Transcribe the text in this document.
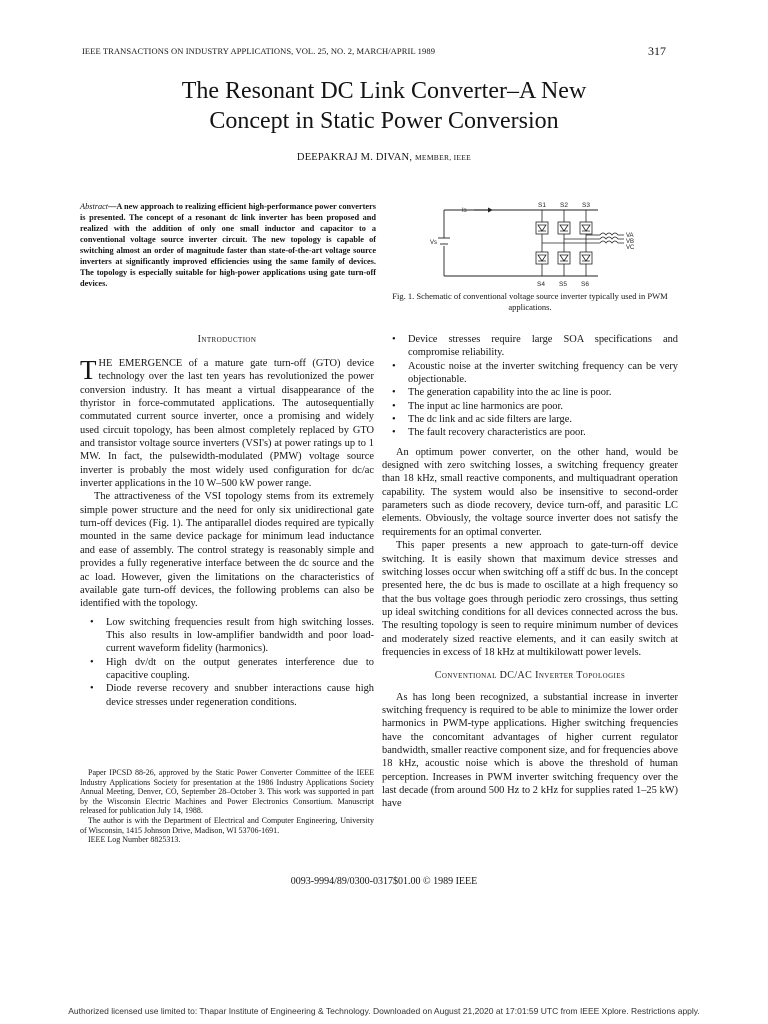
IEEE TRANSACTIONS ON INDUSTRY APPLICATIONS, VOL. 25, NO. 2, MARCH/APRIL 1989	317
The Resonant DC Link Converter–A New
Concept in Static Power Conversion
DEEPAKRAJ M. DIVAN, MEMBER, IEEE
Abstract—A new approach to realizing efficient high-performance power converters is presented. The concept of a resonant dc link inverter has been proposed and realized with the addition of only one small inductor and capacitor to a conventional voltage source inverter circuit. The new topology is capable of switching almost an order of magnitude faster than state-of-the-art voltage source inverters at significantly improved efficiencies using the same family of devices. The topology is especially suitable for high-power applications using gate turn-off devices.
Is
Vs
S1 S2 S3
S4 S5 S6
VA
VB
VC
Fig. 1. Schematic of conventional voltage source inverter typically used in PWM applications.
Introduction

THE EMERGENCE of a mature gate turn-off (GTO) device technology over the last ten years has revolutionized the power conversion industry. It has meant a virtual disappearance of the thyristor in force-commutated applications. The autosequentially commutated current source inverter, once a promising and widely used circuit topology, has been almost completely replaced by GTO and transistor voltage source inverters (VSI's) at power ratings up to 1 MW. In fact, the pulsewidth-modulated (PMW) voltage source inverter is probably the most widely used configuration for dc/ac inverter applications in the 10 W–500 kW power range.

The attractiveness of the VSI topology stems from its extremely simple power structure and the need for only six unidirectional gate turn-off devices (Fig. 1). The antiparallel diodes required are typically mounted in the same device package for minimum lead inductance and ease of assembly. The control strategy is reasonably simple and provides a fully regenerative interface between the dc source and the ac load. However, given the limitations on the characteristics of available gate turn-off devices, the following problems can also be identified with the topology.

• Low switching frequencies result from high switching losses. This also results in low-amplifier bandwidth and poor load-current waveform fidelity (harmonics).
• High dv/dt on the output generates interference due to capacitive coupling.
• Diode reverse recovery and snubber interactions cause high device stresses under regeneration conditions.

Paper IPCSD 88-26, approved by the Static Power Converter Committee of the IEEE Industry Applications Society for presentation at the 1986 Industry Applications Society Annual Meeting, Denver, CO, September 28–October 3. This work was supported in part by the Wisconsin Electric Machines and Power Electronics Consortium. Manuscript released for publication July 14, 1988.

The author is with the Department of Electrical and Computer Engineering, University of Wisconsin, 1415 Johnson Drive, Madison, WI 53706-1691.

IEEE Log Number 8825313.

• Device stresses require large SOA specifications and compromise reliability.
• Acoustic noise at the inverter switching frequency can be very objectionable.
• The generation capability into the ac line is poor.
• The input ac line harmonics are poor.
• The dc link and ac side filters are large.
• The fault recovery characteristics are poor.

An optimum power converter, on the other hand, would be designed with zero switching losses, a switching frequency greater than 18 kHz, small reactive components, and multiquadrant operation capability. The system would also be insensitive to second-order parameters such as diode recovery, device turn-off, and parasitic LC elements. Obviously, the voltage source inverter does not satisfy the requirements for an optimal converter.

This paper presents a new approach to gate-turn-off device switching. It is easily shown that maximum device stresses and switching losses occur when switching off a stiff dc bus. In the concept presented here, the dc bus is made to oscillate at a high frequency so that the bus voltage goes through periodic zero crossings, thus setting up ideal switching conditions for all devices connected across the bus. The resulting topology is seen to require minimum number of devices and moderately sized reactive elements, and it can easily switch at frequencies in excess of 18 kHz at multikilowatt power levels.

Conventional DC/AC Inverter Topologies

As has long been recognized, a substantial increase in inverter switching frequency is required to be able to minimize the lower order harmonics in PWM-type applications. Higher switching frequencies have the concomitant advantages of higher current regulator bandwidth, smaller reactive component size, and for frequencies above 18 kHz, acoustic noise which is above the threshold of human perception. Increases in PWM inverter switching frequency over the last decade (from around 500 Hz to 2 kHz for supplies rated 1–25 kW) have

0093-9994/89/0300-0317$01.00 © 1989 IEEE
Authorized licensed use limited to: Thapar Institute of Engineering & Technology. Downloaded on August 21,2020 at 17:01:59 UTC from IEEE Xplore. Restrictions apply.
